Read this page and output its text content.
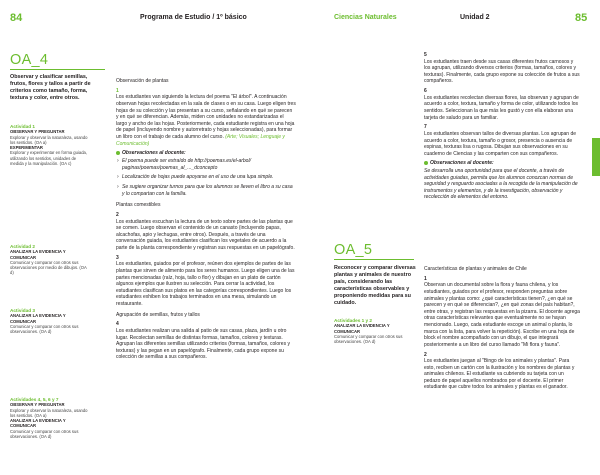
84	Programa de Estudio / 1º básico	Ciencias Naturales	Unidad 2	85
OA_4
Observar y clasificar semillas, frutos, flores y tallos a partir de criterios como tamaño, forma, textura y color, entre otros.
Actividad 1
OBSERVAR Y PREGUNTAR
Explorar y observar la naturaleza, usando los sentidos. (OA a)
EXPERIMENTAR
Explorar y experimentar en forma guiada, utilizando los sentidos, unidades de medida y la manipulación. (OA c)
Actividad 2
ANALIZAR LA EVIDENCIA Y COMUNICAR
Comunicar y comparar con otros sus observaciones por medio de dibujos. (OA d)
Actividad 3
ANALIZAR LA EVIDENCIA Y COMUNICAR
Comunicar y comparar con otros sus observaciones. (OA d)
Actividades 4, 5, 6 y 7
OBSERVAR Y PREGUNTAR
Explorar y observar la naturaleza, usando los sentidos. (OA a)
ANALIZAR LA EVIDENCIA Y COMUNICAR
Comunicar y comparar con otros sus observaciones. (OA d)

Observación de plantas

1

Los estudiantes van siguiendo la lectura del poema "El árbol". A continuación observan hojas recolectadas en la sala de clases o en su casa. Luego eligen tres hojas de su colección y las presentan a su curso, señalando en qué se parecen y en qué se diferencian. Además, miden con unidades no estandarizadas el largo y ancho de las hojas. Posteriormente, cada estudiante registra en una hoja de papel (incluyendo nombre y autorretrato y hojas seleccionadas), para formar un libro con el trabajo de cada alumno del curso. (Arte; Visuales; Lenguaje y Comunicación)

Observaciones al docente:

› El poema puede ser extraído de http://poemas.es/el-arbol/ paginas/poemas/poemas_al_..._dconcepto

› Localización de hojas puede apoyarse en el uso de una lupa simple.

› Se sugiere organizar turnos para que los alumnos se lleven el libro a su casa y lo compartan con la familia.

Plantas comestibles

2

Los estudiantes escuchan la lectura de un texto sobre partes de las plantas que se comen. Luego observan el contenido de un canasto (incluyendo papas, alcachofas, apio y lechugas, entre otros). Después, a través de una conversación guiada, los estudiantes clasifican los vegetales de acuerdo a la parte de la planta correspondiente y registran sus respuestas en un papelógrafo.

3

Los estudiantes, guiados por el profesor, reúnen dos ejemplos de partes de las plantas que sirven de alimento para los seres humanos. Luego eligen una de las partes mencionadas (raíz, hoja, tallo o flor) y dibujan en un plato de cartón algunos ejemplos que ilustren su selección. Para cerrar la actividad, los estudiantes clasifican sus platos en las categorías correspondientes. Luego los estudiantes exhiben los trabajos terminados en una mesa, simulando un restaurante.

Agrupación de semillas, frutos y tallos

4

Los estudiantes realizan una salida al patio de sus casas, plaza, jardín u otro lugar. Recolectan semillas de distintas formas, tamaños, colores y texturas. Agrupan las diferentes semillas utilizando criterios (formas, tamaños, colores y texturas) y las pegan en un papelógrafo. Finalmente, cada grupo expone su colección de semillas a sus compañeros.

5

Los estudiantes traen desde sus casas diferentes frutos carnosos y los agrupan, utilizando diversos criterios (formas, tamaños, colores y texturas). Finalmente, cada grupo expone su colección de frutos a sus compañeros.

6

Los estudiantes recolectan diversas flores, las observan y agrupan de acuerdo a color, textura, tamaño y forma de color, utilizando todos los sentidos. Seleccionan la que más les gustó y con ella elaboran una tarjeta de saludo para un familiar.

7

Los estudiantes observan tallos de diversas plantas. Los agrupan de acuerdo a color, textura, tamaño o grosor, presencia o ausencia de espinas, texturas lisa o rugosa. Dibujan sus observaciones en su cuaderno de Ciencias y las comparten con sus compañeros.

Observaciones al docente:

Se desarrolla una oportunidad para que el docente, a través de actividades guiadas, permita que los alumnos conozcan normas de seguridad y resguardo asociadas a la recogida de la manipulación de instrumentos y elementos, y de la investigación, observación y recolección de elementos del entorno.

OA_5
Reconocer y comparar diversas plantas y animales de nuestro país, considerando las características observables y proponiendo medidas para su cuidado.
Actividades 1 y 2
ANALIZAR LA EVIDENCIA Y COMUNICAR
Comunicar y comparar con otros sus observaciones. (OA d)

Características de plantas y animales de Chile

1

Observan un documental sobre la flora y fauna chilena, y los estudiantes, guiados por el profesor, responden preguntas sobre animales y plantas como: ¿qué características tienen?, ¿en qué se parecen y en qué se diferencian?, ¿en qué zonas del país habitan?, entre otras, y registran las respuestas en la pizarra. El docente agrega otras características relevantes que eventualmente no se hayan mencionado. Luego, cada estudiante escoge un animal o planta, lo marca con la lista, para volver la repetición). Escribe en una hoja de block el nombre acompañado con un dibujo, el que integrará posteriormente a un libro del curso llamado "Mi flora y fauna".

2

Los estudiantes juegan al "Bingo de los animales y plantas". Para esto, reciben un cartón con la ilustración y los nombres de plantas y animales chilenos. El estudiante va cubriendo su tarjeta con un pedazo de papel aquellos nombrados por el docente. El primer estudiante que cubre todos los animales y plantas es el ganador.
